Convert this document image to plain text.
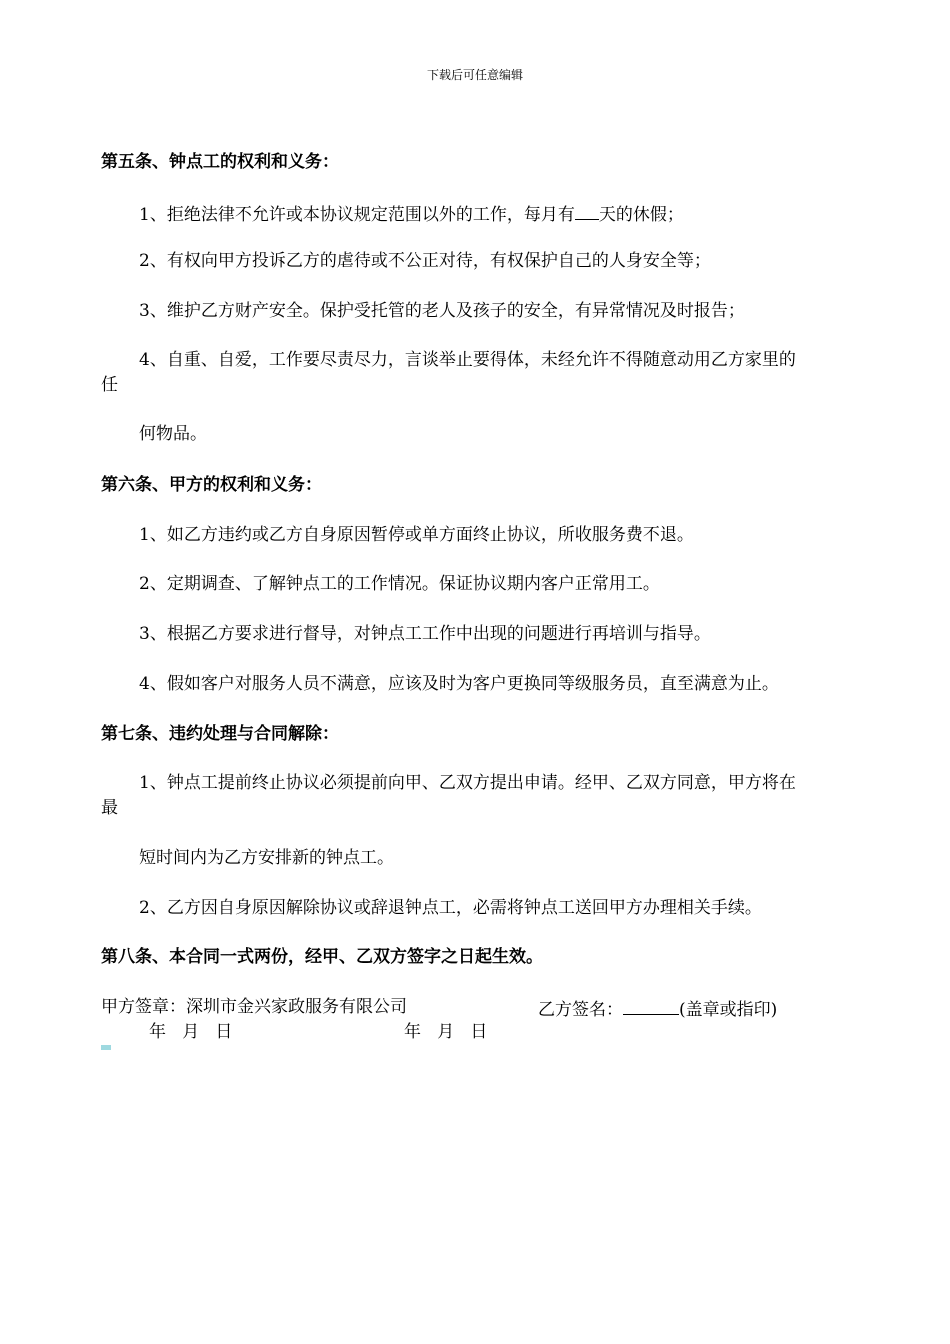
下载后可任意编辑
第五条、钟点工的权利和义务：
1、拒绝法律不允许或本协议规定范围以外的工作，每月有 天的休假；
2、有权向甲方投诉乙方的虐待或不公正对待，有权保护自己的人身安全等；
3、维护乙方财产安全。保护受托管的老人及孩子的安全，有异常情况及时报告；
4、自重、自爱，工作要尽责尽力，言谈举止要得体，未经允许不得随意动用乙方家里的
任
何物品。
第六条、甲方的权利和义务：
1、如乙方违约或乙方自身原因暂停或单方面终止协议，所收服务费不退。
2、定期调查、了解钟点工的工作情况。保证协议期内客户正常用工。
3、根据乙方要求进行督导，对钟点工工作中出现的问题进行再培训与指导。
4、假如客户对服务人员不满意，应该及时为客户更换同等级服务员，直至满意为止。
第七条、违约处理与合同解除：
1、钟点工提前终止协议必须提前向甲、乙双方提出申请。经甲、乙双方同意，甲方将在
最
短时间内为乙方安排新的钟点工。
2、乙方因自身原因解除协议或辞退钟点工，必需将钟点工送回甲方办理相关手续。
第八条、本合同一式两份，经甲、乙双方签字之日起生效。
甲方签章：深圳市金兴家政服务有限公司	乙方签名：	(盖章或指印)
年   月   日	年   月   日
